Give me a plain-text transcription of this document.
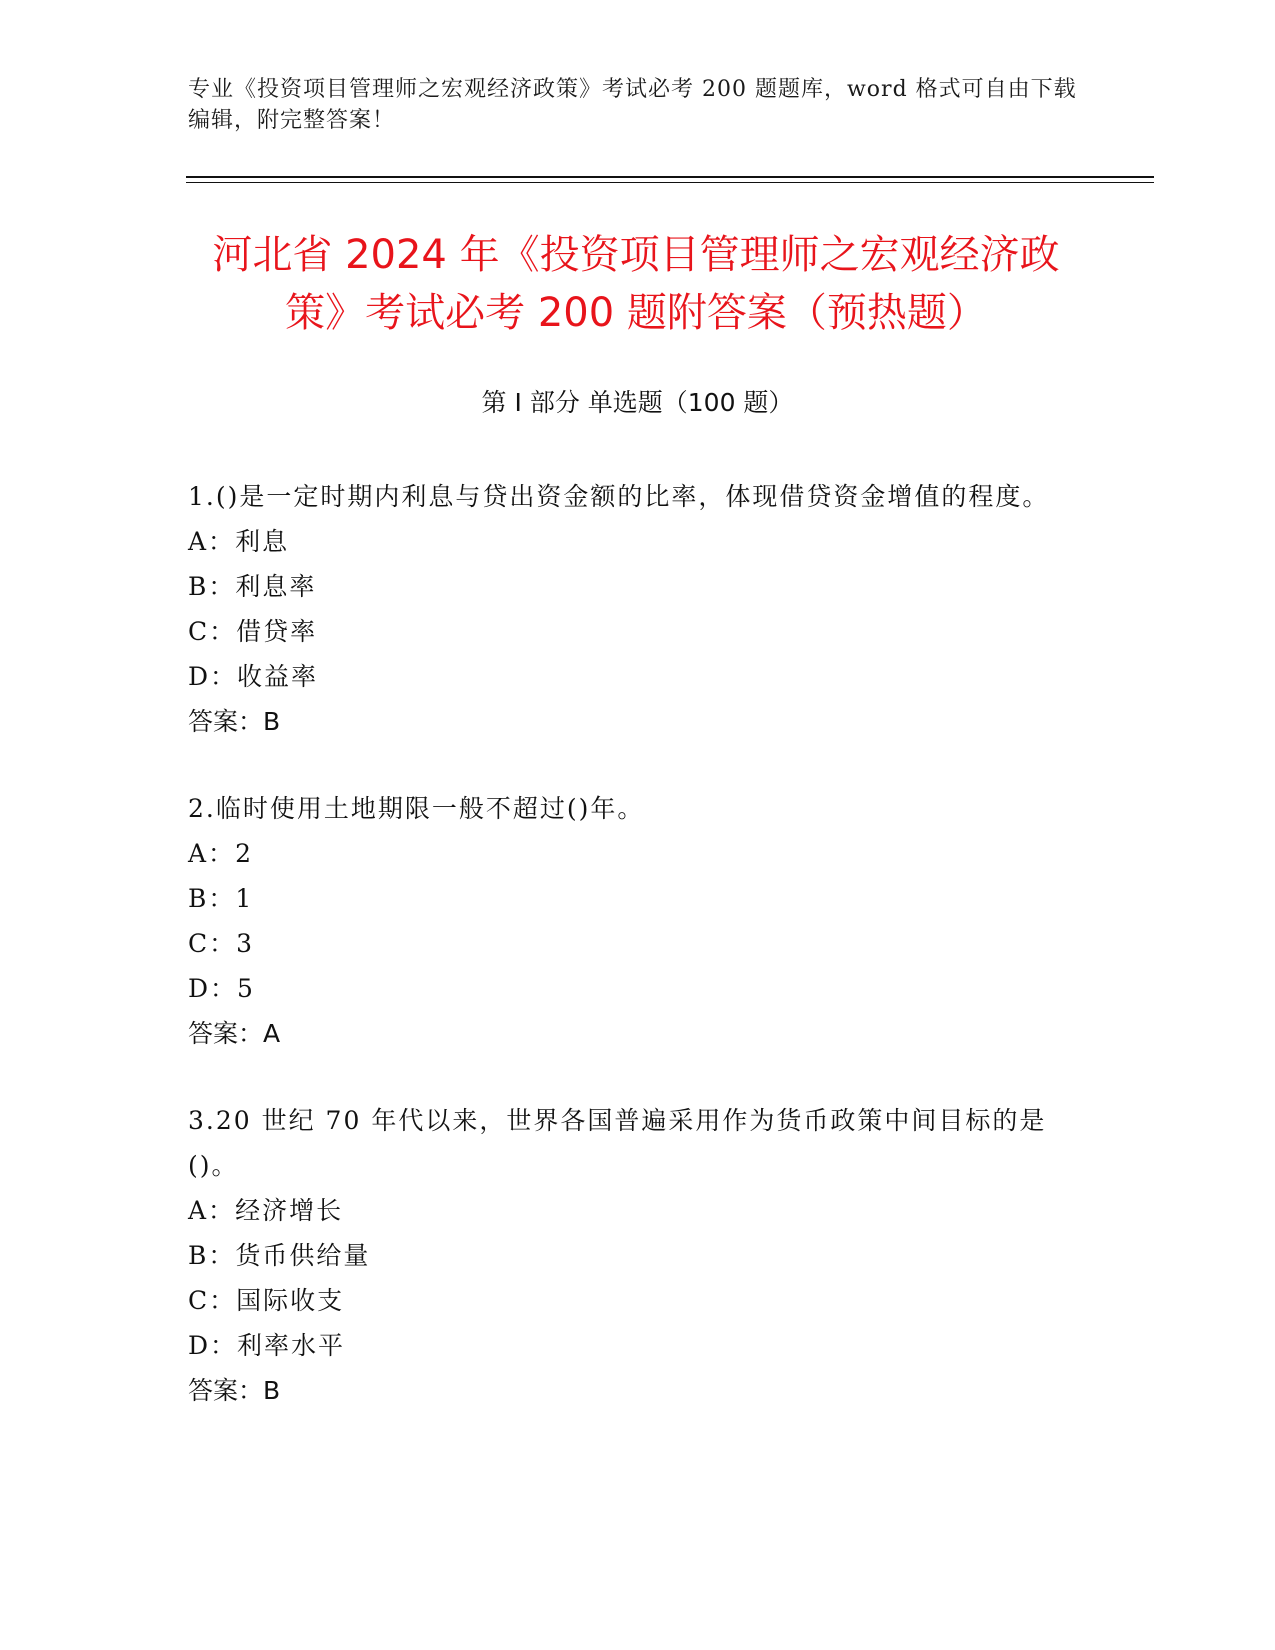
专业《投资项目管理师之宏观经济政策》考试必考 200 题题库，word 格式可自由下载编辑，附完整答案！
河北省 2024 年《投资项目管理师之宏观经济政策》考试必考 200 题附答案（预热题）
第 I 部分 单选题（100 题）

1.()是一定时期内利息与贷出资金额的比率，体现借贷资金增值的程度。

A：利息

B：利息率

C：借贷率

D：收益率

答案：B

2.临时使用土地期限一般不超过()年。

A：2

B：1

C：3

D：5

答案：A

3.20 世纪 70 年代以来，世界各国普遍采用作为货币政策中间目标的是()。

A：经济增长

B：货币供给量

C：国际收支

D：利率水平

答案：B
